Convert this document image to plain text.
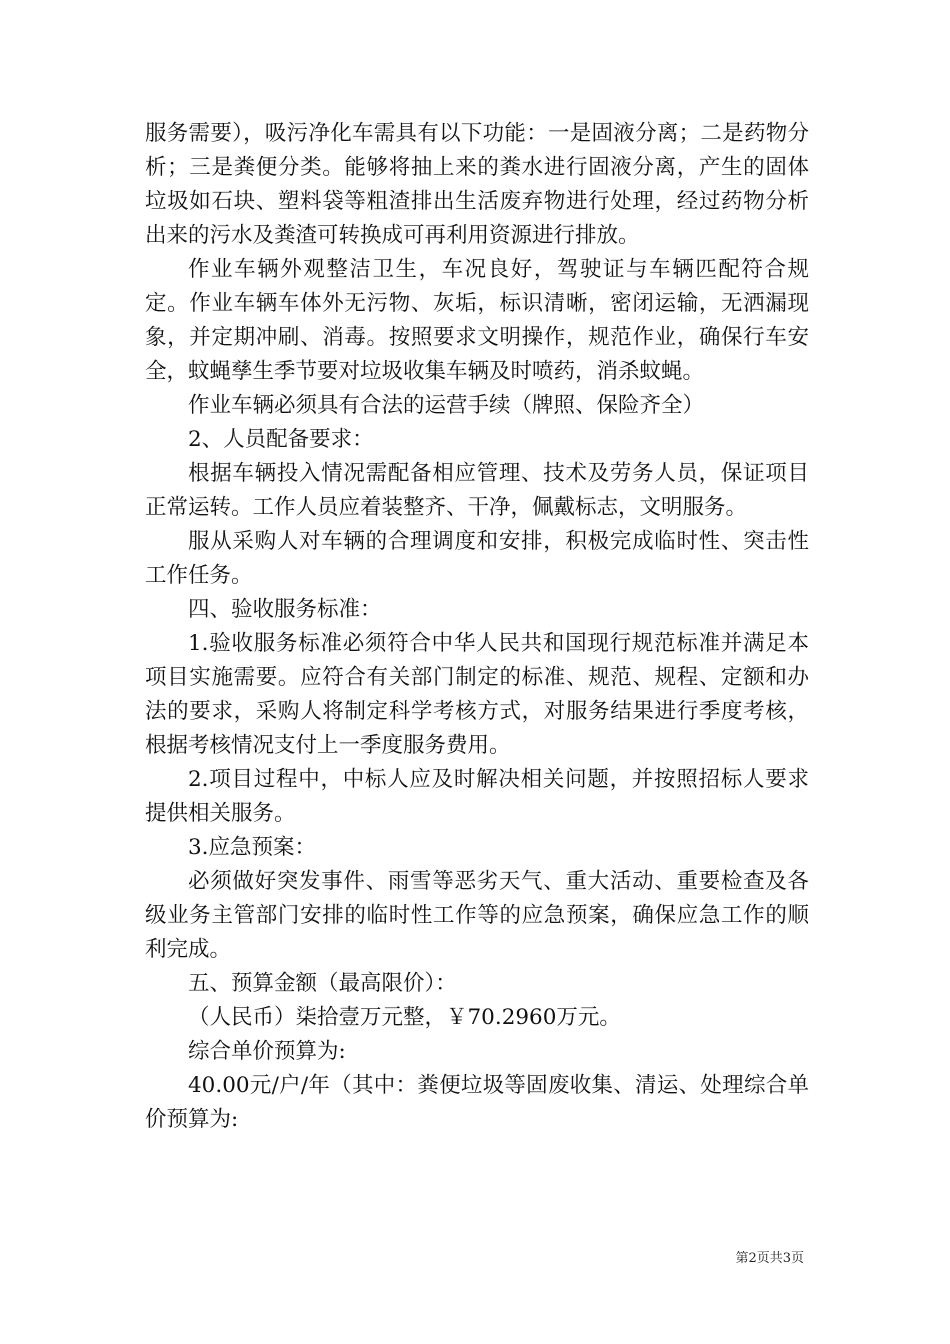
服务需要），吸污净化车需具有以下功能：一是固液分离；二是药物分析；三是粪便分类。能够将抽上来的粪水进行固液分离，产生的固体垃圾如石块、塑料袋等粗渣排出生活废弃物进行处理，经过药物分析出来的污水及粪渣可转换成可再利用资源进行排放。

作业车辆外观整洁卫生，车况良好，驾驶证与车辆匹配符合规定。作业车辆车体外无污物、灰垢，标识清晰，密闭运输，无洒漏现象，并定期冲刷、消毒。按照要求文明操作，规范作业，确保行车安全，蚊蝇孳生季节要对垃圾收集车辆及时喷药，消杀蚊蝇。

作业车辆必须具有合法的运营手续（牌照、保险齐全）

2、人员配备要求：

根据车辆投入情况需配备相应管理、技术及劳务人员，保证项目正常运转。工作人员应着装整齐、干净，佩戴标志，文明服务。

服从采购人对车辆的合理调度和安排，积极完成临时性、突击性工作任务。

四、验收服务标准：

1.验收服务标准必须符合中华人民共和国现行规范标准并满足本项目实施需要。应符合有关部门制定的标准、规范、规程、定额和办法的要求，采购人将制定科学考核方式，对服务结果进行季度考核，根据考核情况支付上一季度服务费用。

2.项目过程中，中标人应及时解决相关问题，并按照招标人要求提供相关服务。

3.应急预案：

必须做好突发事件、雨雪等恶劣天气、重大活动、重要检查及各级业务主管部门安排的临时性工作等的应急预案，确保应急工作的顺利完成。

五、预算金额（最高限价）：

（人民币）柒拾壹万元整，￥70.2960万元。

综合单价预算为:

40.00元/户/年（其中：粪便垃圾等固废收集、清运、处理综合单价预算为:

第2页共3页
